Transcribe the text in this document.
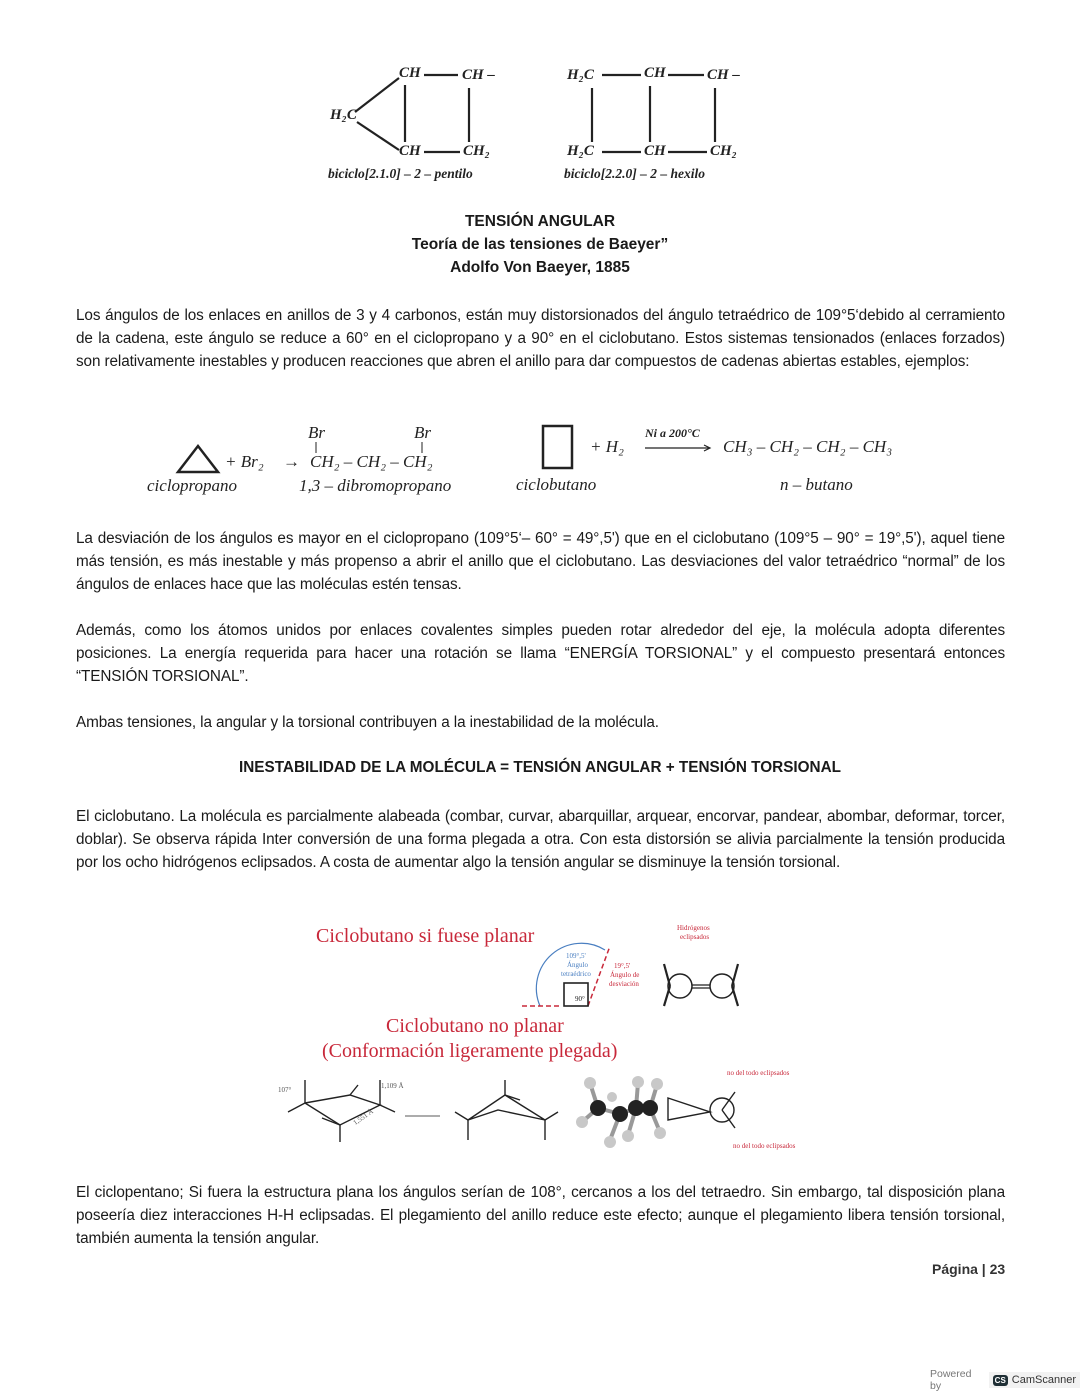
CH	CH –
H₂C
CH	CH₂
biciclo[2.1.0] – 2 – pentilo
H₂C	CH	CH –
H₂C	CH	CH₂
biciclo[2.2.0] – 2 – hexilo
TENSIÓN ANGULAR
Teoría de las tensiones de Baeyer”
Adolfo Von Baeyer, 1885

Los ángulos de los enlaces en anillos de 3 y 4 carbonos, están muy distorsionados del ángulo tetraédrico de 109°5‘debido al cerramiento de la cadena, este ángulo se reduce a 60° en el ciclopropano y a 90° en el ciclobutano. Estos sistemas tensionados (enlaces forzados) son relativamente inestables y producen reacciones que abren el anillo para dar compuestos de cadenas abiertas estables, ejemplos:

+ Br₂ →
Br	Br
CH₂ – CH₂ – CH₂
ciclopropano	1,3 – dibromopropano
+ H₂
Ni a 200°C
CH₃ – CH₂ – CH₂ – CH₃
ciclobutano	n – butano

La desviación de los ángulos es mayor en el ciclopropano (109°5‘– 60° = 49°,5') que en el ciclobutano (109°5 – 90° = 19°,5'), aquel tiene más tensión, es más inestable y más propenso a abrir el anillo que el ciclobutano. Las desviaciones del valor tetraédrico “normal” de los ángulos de enlaces hace que las moléculas estén tensas.

Además, como los átomos unidos por enlaces covalentes simples pueden rotar alrededor del eje, la molécula adopta diferentes posiciones. La energía requerida para hacer una rotación se llama “ENERGÍA TORSIONAL” y el compuesto presentará entonces “TENSIÓN TORSIONAL”.

Ambas tensiones, la angular y la torsional contribuyen a la inestabilidad de la molécula.

INESTABILIDAD DE LA MOLÉCULA = TENSIÓN ANGULAR + TENSIÓN TORSIONAL

El ciclobutano. La molécula es parcialmente alabeada (combar, curvar, abarquillar, arquear, encorvar, pandear, abombar, deformar, torcer, doblar). Se observa rápida Inter conversión de una forma plegada a otra. Con esta distorsión se alivia parcialmente la tensión producida por los ocho hidrógenos eclipsados. A costa de aumentar algo la tensión angular se disminuye la tensión torsional.

Ciclobutano si fuese planar
Ciclobutano no planar
(Conformación ligeramente plegada)
109°,5'
Ángulo
tetraédrico
19°,5'
Ángulo de
desviación
90°
Hidrógenos
eclipsados
107°	1,109 Å
1,551 Å
no del todo eclipsados
no del todo eclipsados

El ciclopentano; Si fuera la estructura plana los ángulos serían de 108°, cercanos a los del tetraedro. Sin embargo, tal disposición plana poseería diez interacciones H-H eclipsadas. El plegamiento del anillo reduce este efecto; aunque el plegamiento libera tensión torsional, también aumenta la tensión angular.

Página | 23
Powered by	CS CamScanner
